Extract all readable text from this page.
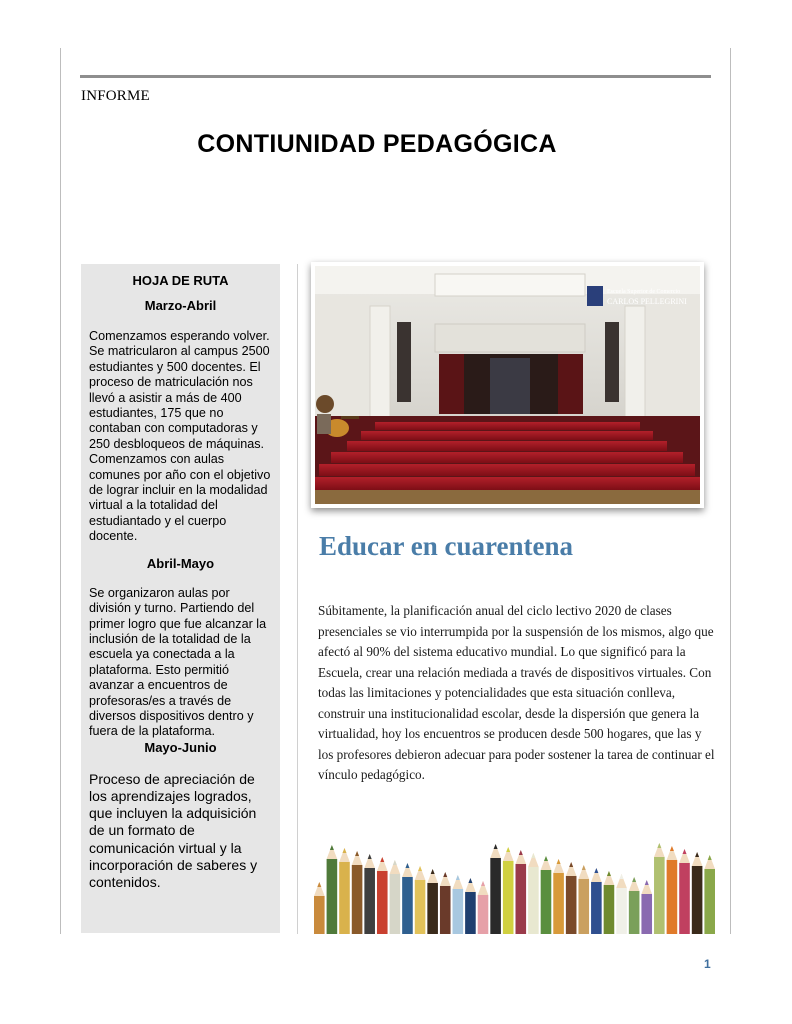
INFORME
CONTIUNIDAD PEDAGÓGICA

HOJA DE RUTA

Marzo-Abril

Comenzamos esperando volver. Se matricularon al campus 2500 estudiantes y 500 docentes. El proceso de matriculación nos llevó a asistir a más de 400 estudiantes, 175 que no contaban con computadoras y 250 desbloqueos de máquinas. Comenzamos con aulas comunes por año con el objetivo de lograr incluir en la modalidad virtual a la totalidad del estudiantado y el cuerpo docente.

Abril-Mayo

Se organizaron aulas por división y turno. Partiendo del primer logro que fue alcanzar la inclusión de la totalidad de la escuela ya conectada a la plataforma. Esto permitió avanzar a encuentros de profesoras/es a través de diversos dispositivos dentro y fuera de la plataforma.

Mayo-Junio

Proceso de apreciación de los aprendizajes logrados, que incluyen la adquisición de un formato de comunicación virtual y la incorporación de saberes y contenidos.

Escuela Superior de Comercio
CARLOS PELLEGRINI
Educar en cuarentena

Súbitamente, la planificación anual del ciclo lectivo 2020 de clases presenciales se vio interrumpida por la suspensión de los mismos, algo que afectó al 90% del sistema educativo mundial. Lo que significó para la Escuela, crear una relación mediada a través de dispositivos virtuales. Con todas las limitaciones y potencialidades que esta situación conlleva, construir una institucionalidad escolar, desde la dispersión que genera la virtualidad, hoy los encuentros se producen desde 500 hogares, que las y los profesores debieron adecuar para poder sostener la tarea de continuar el vínculo pedagógico.

1
